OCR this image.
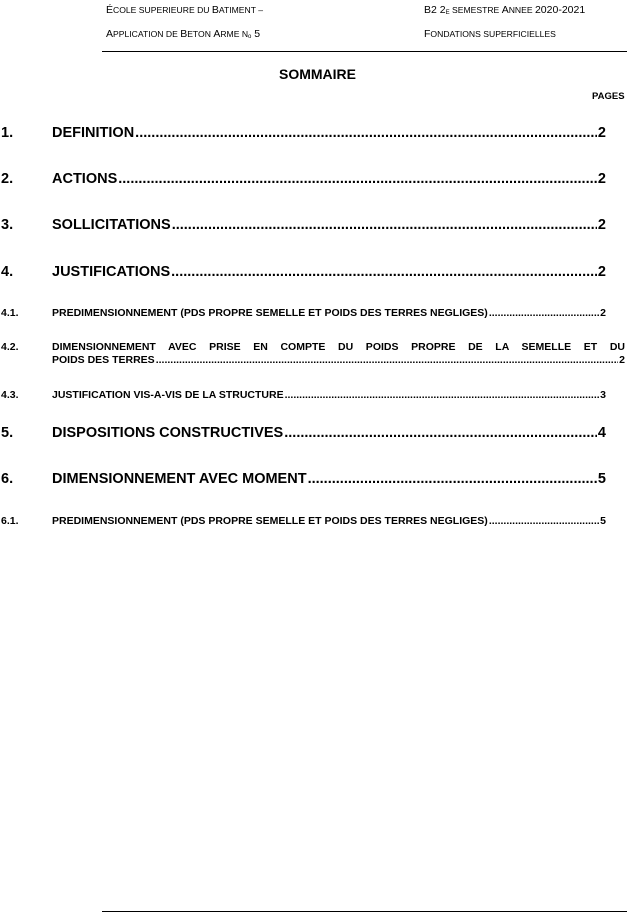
ÉCOLE SUPERIEURE DU BATIMENT –	B2 $2^E$ SEMESTRE ANNEE 2020-2021
APPLICATION DE BETON ARME $N^o$ 5	FONDATIONS SUPERFICIELLES
SOMMAIRE
PAGES
1.	DEFINITION .....	2
2.	ACTIONS .....	2
3.	SOLLICITATIONS .....	2
4.	JUSTIFICATIONS .....	2
4.1.	PREDIMENSIONNEMENT (PDS PROPRE SEMELLE ET POIDS DES TERRES NEGLIGES) .....	2
4.2.	DIMENSIONNEMENT AVEC PRISE EN COMPTE DU POIDS PROPRE DE LA SEMELLE ET DU
POIDS DES TERRES .....	2
4.3.	JUSTIFICATION VIS-A-VIS DE LA STRUCTURE .....	3
5.	DISPOSITIONS CONSTRUCTIVES .....	4
6.	DIMENSIONNEMENT AVEC MOMENT .....	5
6.1.	PREDIMENSIONNEMENT (PDS PROPRE SEMELLE ET POIDS DES TERRES NEGLIGES) .....	5
